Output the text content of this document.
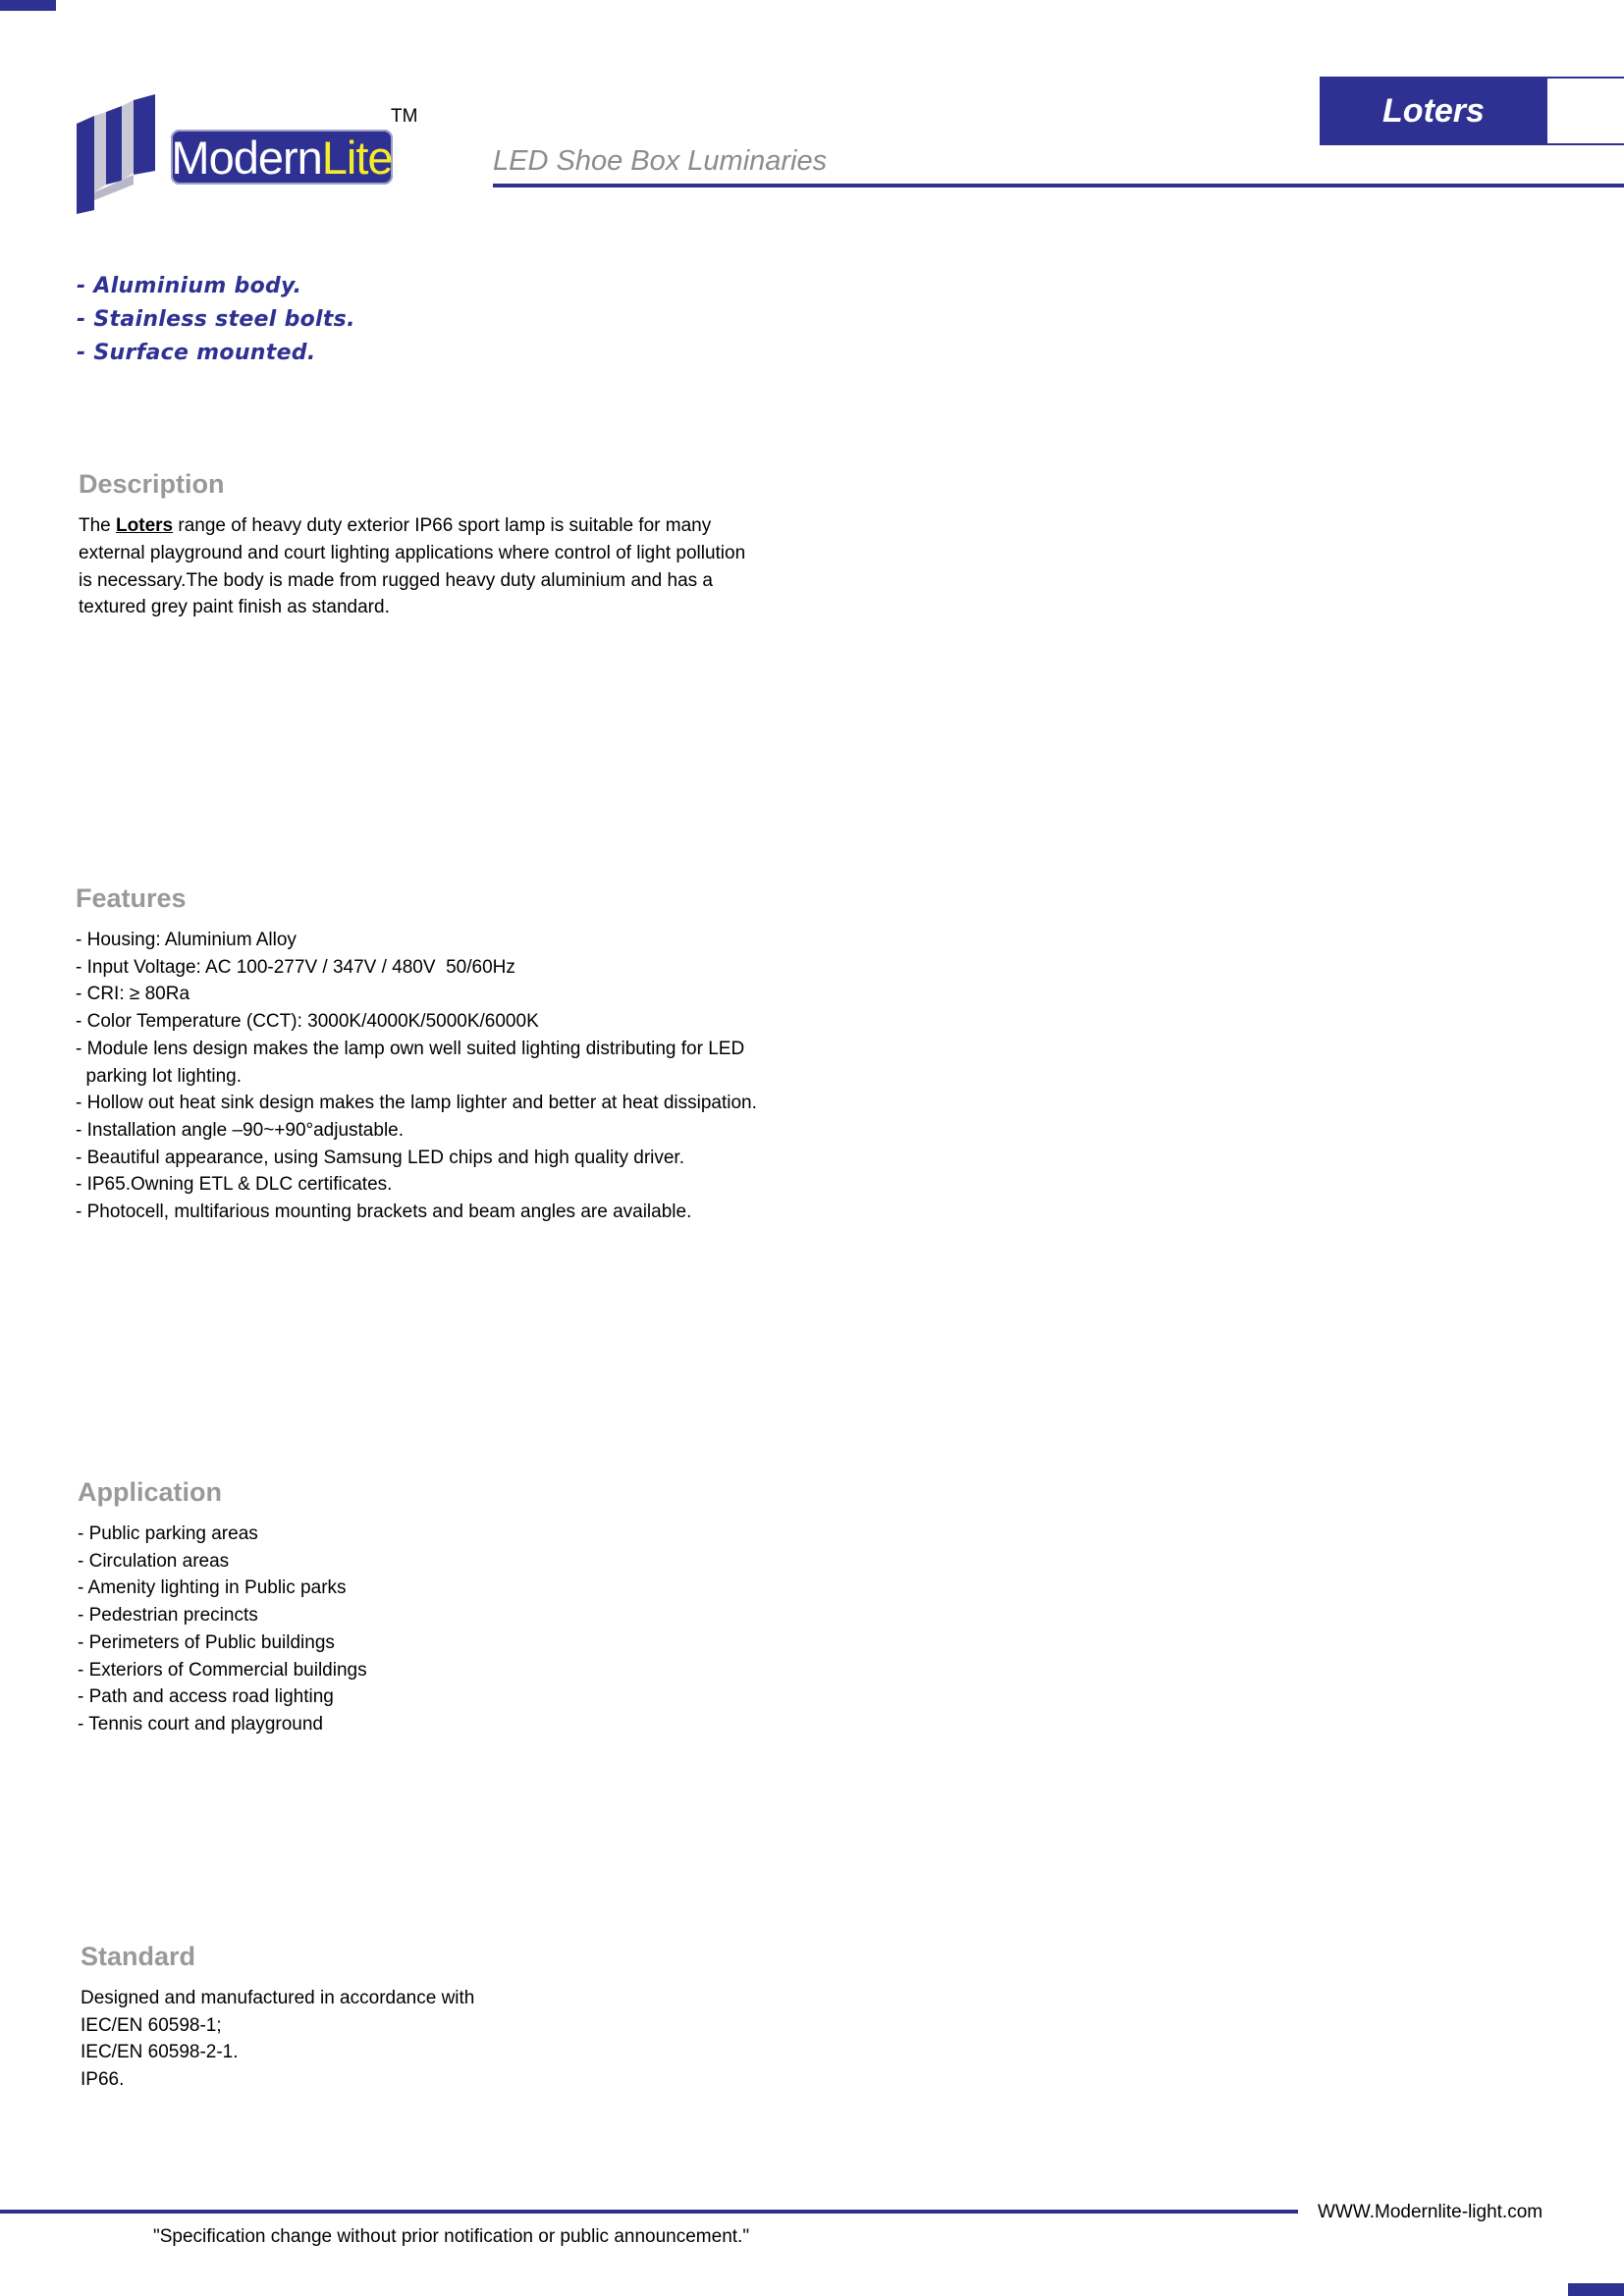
Modern Lite
TM
LED Shoe Box Luminaries
Loters
- Aluminium body.
- Stainless steel bolts.
- Surface mounted.
Description

The Loters range of heavy duty exterior IP66 sport lamp is suitable for many

external playground and court lighting applications where control of light pollution

is necessary.The body is made from rugged heavy duty aluminium and has a

textured grey paint finish as standard.

Features
- Housing: Aluminium Alloy
- Input Voltage: AC 100-277V / 347V / 480V  50/60Hz
- CRI: ≥ 80Ra
- Color Temperature (CCT): 3000K/4000K/5000K/6000K
- Module lens design makes the lamp own well suited lighting distributing for LED
parking lot lighting.
- Hollow out heat sink design makes the lamp lighter and better at heat dissipation.
- Installation angle –90~+90°adjustable.
- Beautiful appearance, using Samsung LED chips and high quality driver.
- IP65.Owning ETL & DLC certificates.
- Photocell, multifarious mounting brackets and beam angles are available.
Application
- Public parking areas
- Circulation areas
- Amenity lighting in Public parks
- Pedestrian precincts
- Perimeters of Public buildings
- Exteriors of Commercial buildings
- Path and access road lighting
- Tennis court and playground
Standard
Designed and manufactured in accordance with
IEC/EN 60598-1;
IEC/EN 60598-2-1.
IP66.
WWW.Modernlite-light.com
"Specification change without prior notification or public announcement."
